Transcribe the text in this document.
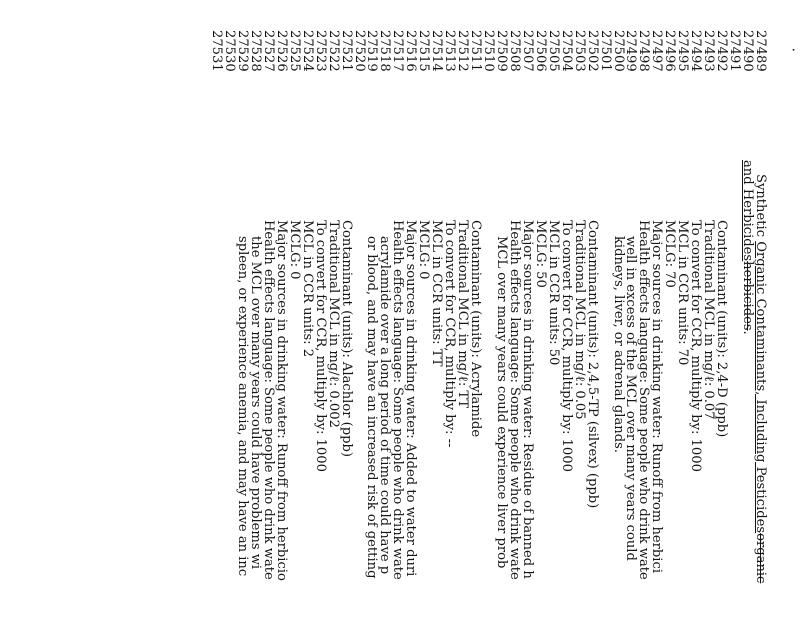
•
27489
Synthetic Organic Contaminants, Including Pesticidesorganic
27490
and Herbicidesherbicides.
27491
27492
Contaminant (units): 2,4-D (ppb)
27493
Traditional MCL in mg/ℓ: 0.07
27494
To convert for CCR, multiply by: 1000
27495
MCL in CCR units: 70
27496
MCLG: 70
27497
Major sources in drinking water: Runoff from herbici
27498
Health effects language: Some people who drink wate
27499
well in excess of the MCL over many years could
27500
kidneys, liver, or adrenal glands.
27501
27502
Contaminant (units): 2,4,5-TP (silvex) (ppb)
27503
Traditional MCL in mg/ℓ: 0.05
27504
To convert for CCR, multiply by: 1000
27505
MCL in CCR units: 50
27506
MCLG: 50
27507
Major sources in drinking water: Residue of banned h
27508
Health effects language: Some people who drink wate
27509
MCL over many years could experience liver prob
27510
27511
Contaminant (units): Acrylamide
27512
Traditional MCL in mg/ℓ: TT
27513
To convert for CCR, multiply by: --
27514
MCL in CCR units: TT
27515
MCLG: 0
27516
Major sources in drinking water: Added to water duri
27517
Health effects language: Some people who drink wate
27518
acrylamide over a long period of time could have p
27519
or blood, and may have an increased risk of getting
27520
27521
Contaminant (units): Alachlor (ppb)
27522
Traditional MCL in mg/ℓ: 0.002
27523
To convert for CCR, multiply by: 1000
27524
MCL in CCR units: 2
27525
MCLG: 0
27526
Major sources in drinking water: Runoff from herbicio
27527
Health effects language: Some people who drink wate
27528
the MCL over many years could have problems wi
27529
spleen, or experience anemia, and may have an inc
27530
27531
